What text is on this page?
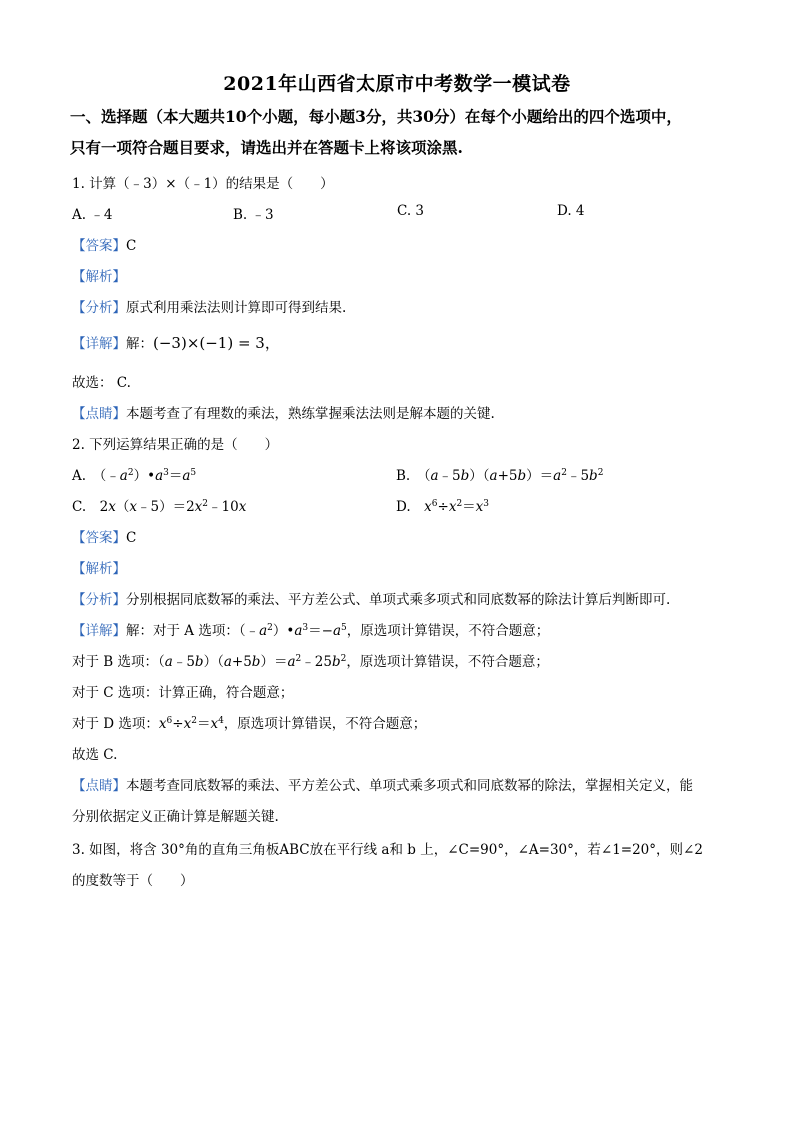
2021年山西省太原市中考数学一模试卷
一、选择题（本大题共10个小题，每小题3分，共30分）在每个小题给出的四个选项中，
只有一项符合题目要求，请选出并在答题卡上将该项涂黑.
1. 计算（﹣3）×（﹣1）的结果是（　　）
A. ﹣4	B. ﹣3	C. 3	D. 4
【答案】C
【解析】
【分析】原式利用乘法法则计算即可得到结果.
【详解】解：(−3)×(−1) = 3，
故选： C.
【点睛】本题考查了有理数的乘法，熟练掌握乘法法则是解本题的关键.
2. 下列运算结果正确的是（　　）
A.　$(﹣a^2)•a^3=a^5$	B.　$(a﹣5b)(a+5b)=a^2﹣5b^2$
C.　$2x(x﹣5)=2x^2﹣10x$	D.　$x^6\div x^2=x^3$
【答案】C
【解析】
【分析】分别根据同底数幂的乘法、平方差公式、单项式乘多项式和同底数幂的除法计算后判断即可.
【详解】解：对于 A 选项：$(﹣a^2)•a^3=-a^5$，原选项计算错误，不符合题意；
对于 B 选项：$(a﹣5b)(a+5b)=a^2﹣25b^2$，原选项计算错误，不符合题意；
对于 C 选项：计算正确，符合题意；
对于 D 选项：$x^6\div x^2=x^4$，原选项计算错误，不符合题意；
故选 C.
【点睛】本题考查同底数幂的乘法、平方差公式、单项式乘多项式和同底数幂的除法，掌握相关定义，能
分别依据定义正确计算是解题关键.
3. 如图，将含 30°角的直角三角板ABC放在平行线 a和 b 上，∠C=90°，∠A=30°，若∠1=20°，则∠2
的度数等于（　　）
